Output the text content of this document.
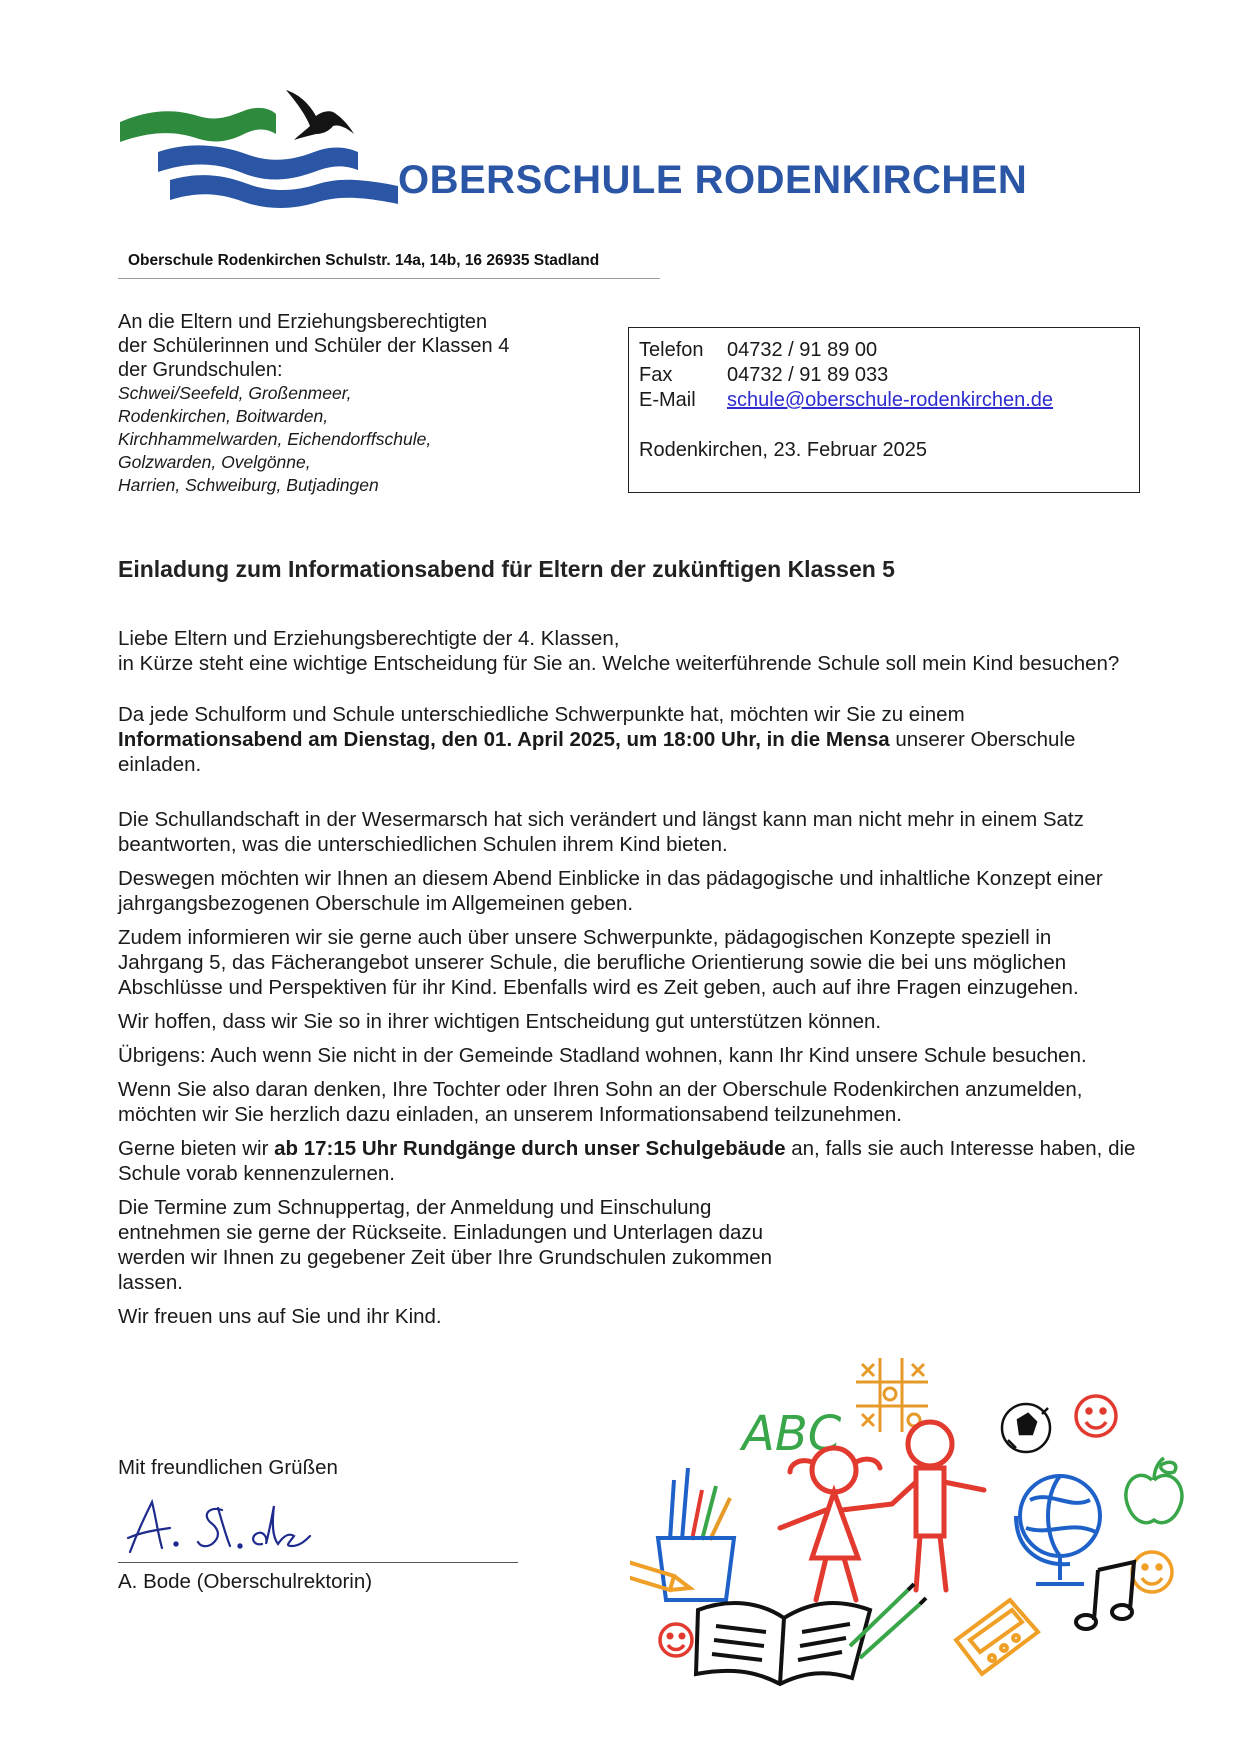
OBERSCHULE RODENKIRCHEN
Oberschule Rodenkirchen Schulstr. 14a, 14b, 16 26935 Stadland
An die Eltern und Erziehungsberechtigten
der Schülerinnen und Schüler der Klassen 4
der Grundschulen:
Schwei/Seefeld, Großenmeer,
Rodenkirchen, Boitwarden,
Kirchhammelwarden, Eichendorffschule,
Golzwarden, Ovelgönne,
Harrien, Schweiburg, Butjadingen
Telefon 04732 / 91 89 00
Fax	04732 / 91 89 033
E-Mail schule@oberschule-rodenkirchen.de
Rodenkirchen, 23. Februar 2025
Einladung zum Informationsabend für Eltern der zukünftigen Klassen 5

Liebe Eltern und Erziehungsberechtigte der 4. Klassen,
in Kürze steht eine wichtige Entscheidung für Sie an. Welche weiterführende Schule soll mein Kind besuchen?

Da jede Schulform und Schule unterschiedliche Schwerpunkte hat, möchten wir Sie zu einem Informationsabend am Dienstag, den 01. April 2025, um 18:00 Uhr, in die Mensa unserer Oberschule einladen.

Die Schullandschaft in der Wesermarsch hat sich verändert und längst kann man nicht mehr in einem Satz beantworten, was die unterschiedlichen Schulen ihrem Kind bieten.

Deswegen möchten wir Ihnen an diesem Abend Einblicke in das pädagogische und inhaltliche Konzept einer jahrgangsbezogenen Oberschule im Allgemeinen geben.

Zudem informieren wir sie gerne auch über unsere Schwerpunkte, pädagogischen Konzepte speziell in Jahrgang 5, das Fächerangebot unserer Schule, die berufliche Orientierung sowie die bei uns möglichen Abschlüsse und Perspektiven für ihr Kind. Ebenfalls wird es Zeit geben, auch auf ihre Fragen einzugehen.

Wir hoffen, dass wir Sie so in ihrer wichtigen Entscheidung gut unterstützen können.

Übrigens: Auch wenn Sie nicht in der Gemeinde Stadland wohnen, kann Ihr Kind unsere Schule besuchen.

Wenn Sie also daran denken, Ihre Tochter oder Ihren Sohn an der Oberschule Rodenkirchen anzumelden, möchten wir Sie herzlich dazu einladen, an unserem Informationsabend teilzunehmen.

Gerne bieten wir ab 17:15 Uhr Rundgänge durch unser Schulgebäude an, falls sie auch Interesse haben, die Schule vorab kennenzulernen.

Die Termine zum Schnuppertag, der Anmeldung und Einschulung entnehmen sie gerne der Rückseite. Einladungen und Unterlagen dazu werden wir Ihnen zu gegebener Zeit über Ihre Grundschulen zukommen lassen.

Wir freuen uns auf Sie und ihr Kind.

Mit freundlichen Grüßen
A. Bode (Oberschulrektorin)
ABC
